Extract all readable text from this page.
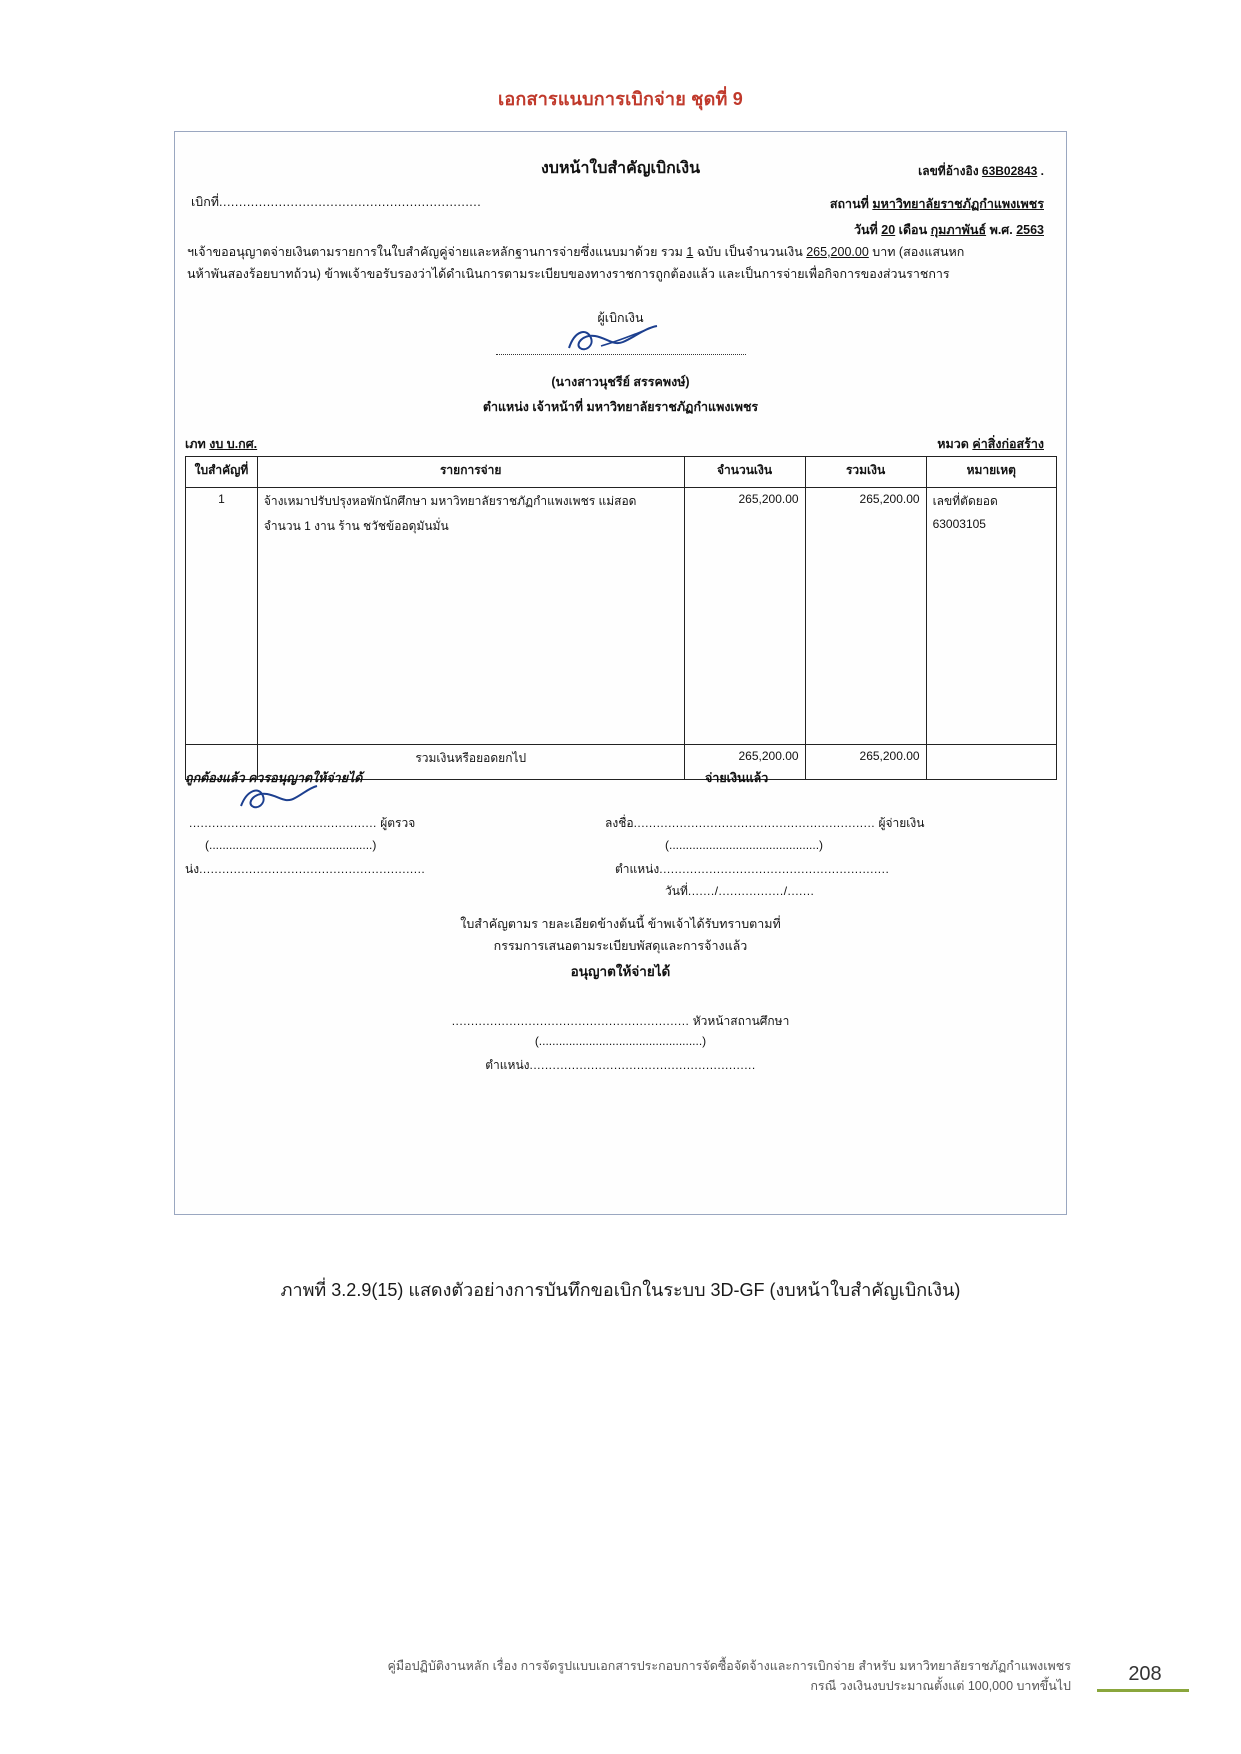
เอกสารแนบการเบิกจ่าย ชุดที่ 9
งบหน้าใบสำคัญเบิกเงิน	เลขที่อ้างอิง 63B02843 .
เบิกที่..................................................................	สถานที่ มหาวิทยาลัยราชภัฏกำแพงเพชร
วันที่ 20 เดือน กุมภาพันธ์ พ.ศ. 2563
ฯเจ้าขออนุญาตจ่ายเงินตามรายการในใบสำคัญคู่จ่ายและหลักฐานการจ่ายซึ่งแนบมาด้วย รวม 1 ฉบับ เป็นจำนวนเงิน 265,200.00 บาท (สองแสนหก
นห้าพันสองร้อยบาทถ้วน) ข้าพเจ้าขอรับรองว่าได้ดำเนินการตามระเบียบของทางราชการถูกต้องแล้ว และเป็นการจ่ายเพื่อกิจการของส่วนราชการ
ผู้เบิกเงิน
(นางสาวนุชรีย์ สรรคพงษ์)
ตำแหน่ง เจ้าหน้าที่ มหาวิทยาลัยราชภัฏกำแพงเพชร
เภท งบ บ.กศ.	หมวด ค่าสิ่งก่อสร้าง
ใบสำคัญที่	รายการจ่าย	จำนวนเงิน	รวมเงิน	หมายเหตุ
1	จ้างเหมาปรับปรุงหอพักนักศึกษา มหาวิทยาลัยราชภัฏกำแพงเพชร แม่สอด
จำนวน 1 งาน ร้าน ชวัชข้ออดุมันมั่น	265,200.00	265,200.00	เลขที่ตัดยอด
63003105

	รวมเงินหรือยอดยกไป	265,200.00	265,200.00	
ถูกต้องแล้ว ควรอนุญาตให้จ่ายได้	จ่ายเงินแล้ว
................................................. ผู้ตรวจ
(.................................................)
น่ง...........................................................
ลงชื่อ............................................................... ผู้จ่ายเงิน
(.............................................)
ตำแหน่ง............................................................
วันที่......./................./.......
ใบสำคัญตามร ายละเอียดข้างต้นนี้ ข้าพเจ้าได้รับทราบตามที่
กรรมการเสนอตามระเบียบพัสดุและการจ้างแล้ว
อนุญาตให้จ่ายได้
.............................................................. หัวหน้าสถานศึกษา
(.................................................)
ตำแหน่ง...........................................................
ภาพที่ 3.2.9(15) แสดงตัวอย่างการบันทึกขอเบิกในระบบ 3D-GF (งบหน้าใบสำคัญเบิกเงิน)
คู่มือปฏิบัติงานหลัก เรื่อง การจัดรูปแบบเอกสารประกอบการจัดซื้อจัดจ้างและการเบิกจ่าย สำหรับ มหาวิทยาลัยราชภัฏกำแพงเพชร
กรณี วงเงินงบประมาณตั้งแต่ 100,000 บาทขึ้นไป
208
